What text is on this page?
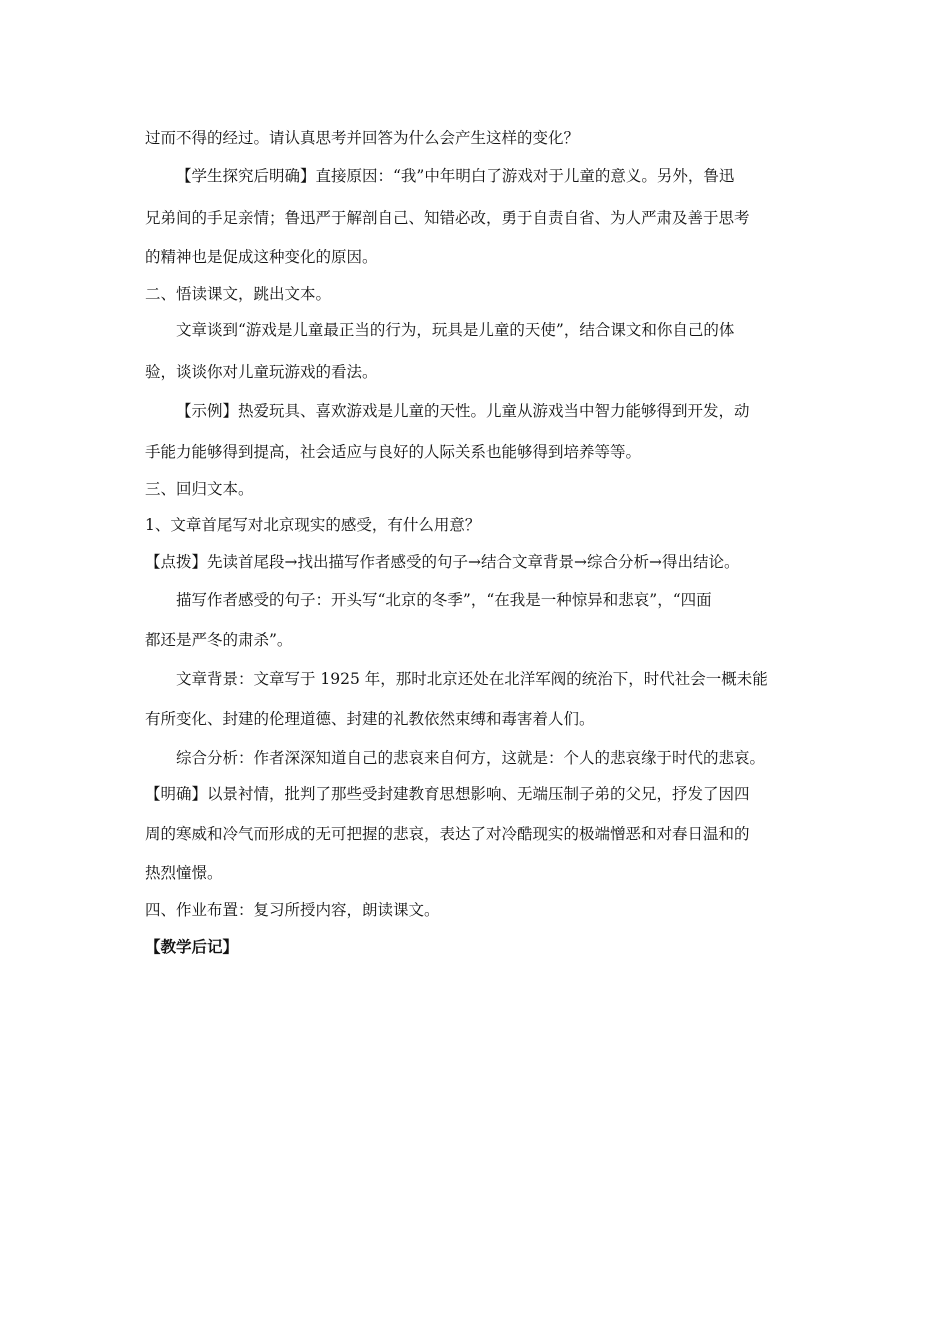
过而不得的经过。请认真思考并回答为什么会产生这样的变化？

【学生探究后明确】直接原因：“我”中年明白了游戏对于儿童的意义。另外，鲁迅

兄弟间的手足亲情；鲁迅严于解剖自己、知错必改，勇于自责自省、为人严肃及善于思考

的精神也是促成这种变化的原因。

二、悟读课文，跳出文本。

文章谈到“游戏是儿童最正当的行为，玩具是儿童的天使”，结合课文和你自己的体

验，谈谈你对儿童玩游戏的看法。

【示例】热爱玩具、喜欢游戏是儿童的天性。儿童从游戏当中智力能够得到开发，动

手能力能够得到提高，社会适应与良好的人际关系也能够得到培养等等。

三、回归文本。

1、文章首尾写对北京现实的感受，有什么用意？

【点拨】先读首尾段→找出描写作者感受的句子→结合文章背景→综合分析→得出结论。

描写作者感受的句子：开头写“北京的冬季”，“在我是一种惊异和悲哀”，“四面

都还是严冬的肃杀”。

文章背景：文章写于 1925 年，那时北京还处在北洋军阀的统治下，时代社会一概未能

有所变化、封建的伦理道德、封建的礼教依然束缚和毒害着人们。

综合分析：作者深深知道自己的悲哀来自何方，这就是：个人的悲哀缘于时代的悲哀。

【明确】以景衬情，批判了那些受封建教育思想影响、无端压制子弟的父兄，抒发了因四

周的寒威和冷气而形成的无可把握的悲哀，表达了对冷酷现实的极端憎恶和对春日温和的

热烈憧憬。

四、作业布置：复习所授内容，朗读课文。

【教学后记】
